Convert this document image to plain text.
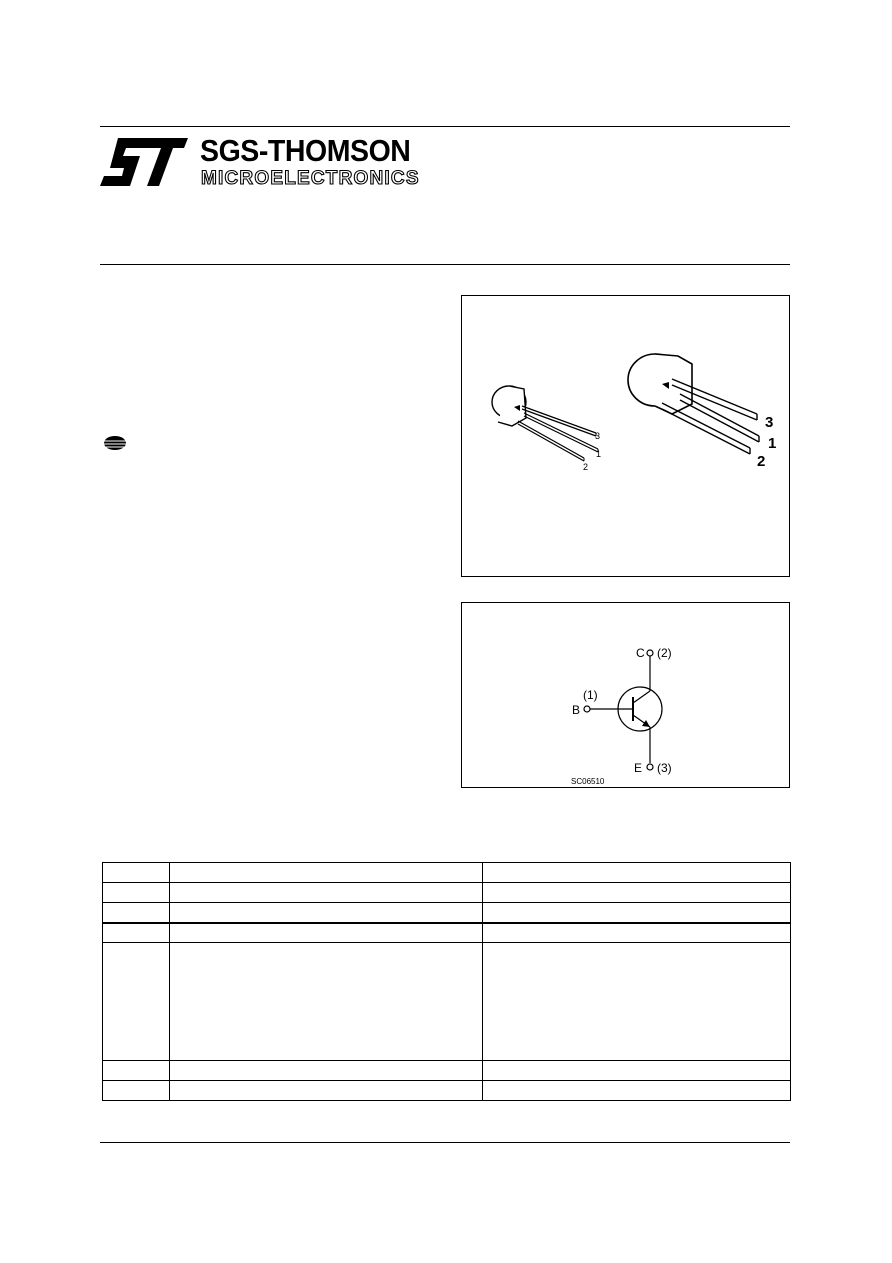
SGS-THOMSON
MICROELECTRONICS
3
1
2
3
1
2
C (2)
B
(1)
E (3)
SC06510
